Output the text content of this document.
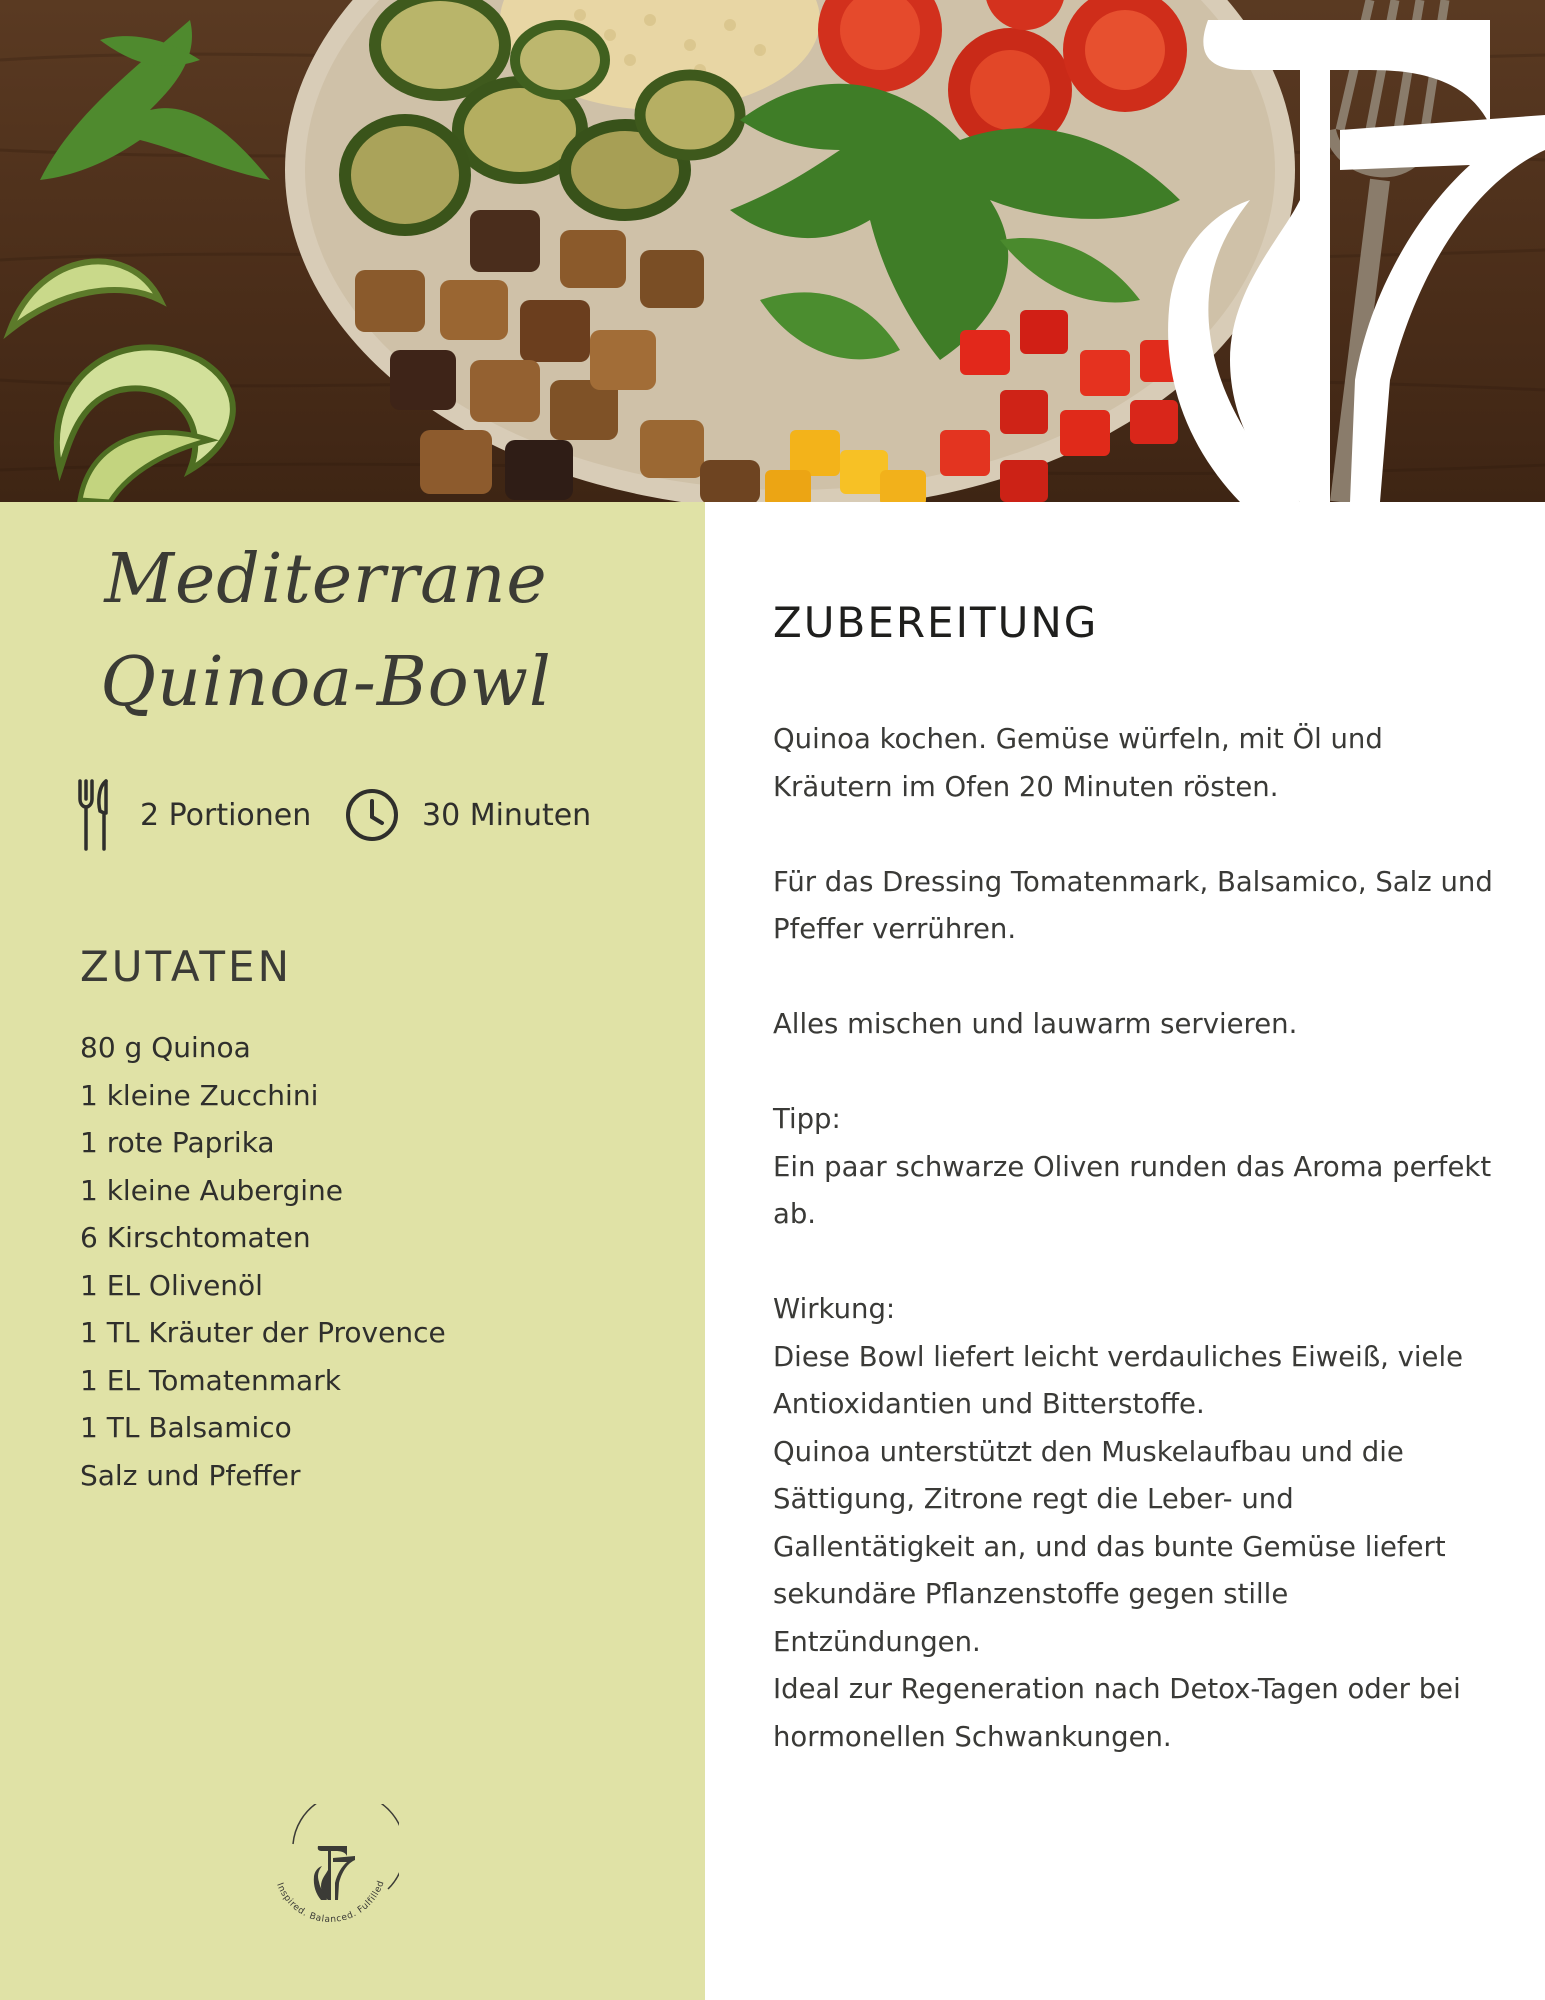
Mediterrane
Quinoa-Bowl
2 Portionen	30 Minuten
ZUTATEN
80 g Quinoa
1 kleine Zucchini
1 rote Paprika
1 kleine Aubergine
6 Kirschtomaten
1 EL Olivenöl
1 TL Kräuter der Provence
1 EL Tomatenmark
1 TL Balsamico
Salz und Pfeffer
Inspired. Balanced. Fulfilled
ZUBEREITUNG

Quinoa kochen. Gemüse würfeln, mit Öl und Kräutern im Ofen 20 Minuten rösten.

Für das Dressing Tomatenmark, Balsamico, Salz und Pfeffer verrühren.

Alles mischen und lauwarm servieren.

Tipp:

Ein paar schwarze Oliven runden das Aroma perfekt ab.

Wirkung:

Diese Bowl liefert leicht verdauliches Eiweiß, viele Antioxidantien und Bitterstoffe.

Quinoa unterstützt den Muskelaufbau und die Sättigung, Zitrone regt die Leber- und Gallentätigkeit an, und das bunte Gemüse liefert sekundäre Pflanzenstoffe gegen stille Entzündungen.

Ideal zur Regeneration nach Detox-Tagen oder bei hormonellen Schwankungen.
